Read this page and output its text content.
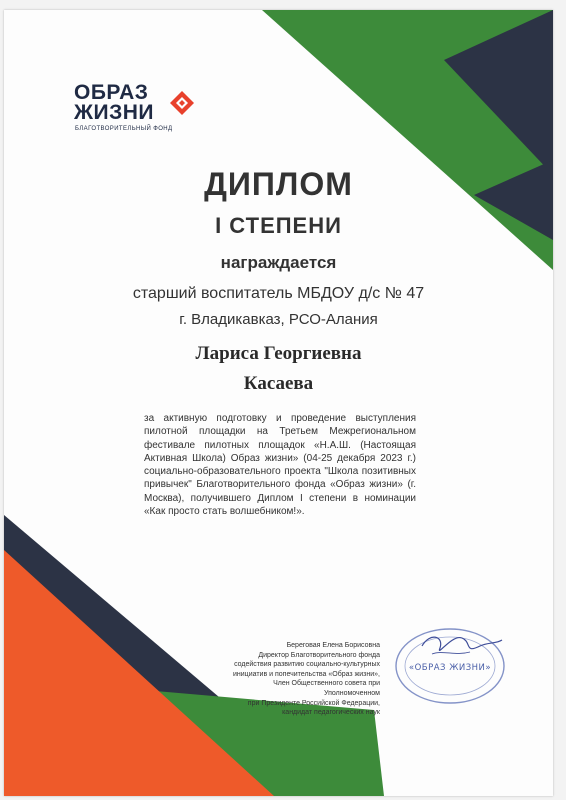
ОБРАЗ
ЖИЗНИ
БЛАГОТВОРИТЕЛЬНЫЙ ФОНД
ДИПЛОМ
I СТЕПЕНИ
награждается
старший воспитатель МБДОУ д/с № 47
г. Владикавказ, РСО-Алания
Лариса Георгиевна
Касаева
за активную подготовку и проведение выступления пилотной площадки на Третьем Межрегиональном фестивале пилотных площадок «Н.А.Ш. (Настоящая Активная Школа) Образ жизни» (04-25 декабря 2023 г.) социально-образовательного проекта "Школа позитивных привычек" Благотворительного фонда «Образ жизни» (г. Москва), получившего Диплом I степени в номинации «Как просто стать волшебником!».
Береговая Елена Борисовна
Директор Благотворительного фонда
содействия развитию социально-культурных
инициатив и попечительства «Образ жизни»,
Член Общественного совета при
Уполномоченном
при Президенте Российской Федерации,
кандидат педагогических наук
«ОБРАЗ ЖИЗНИ»
